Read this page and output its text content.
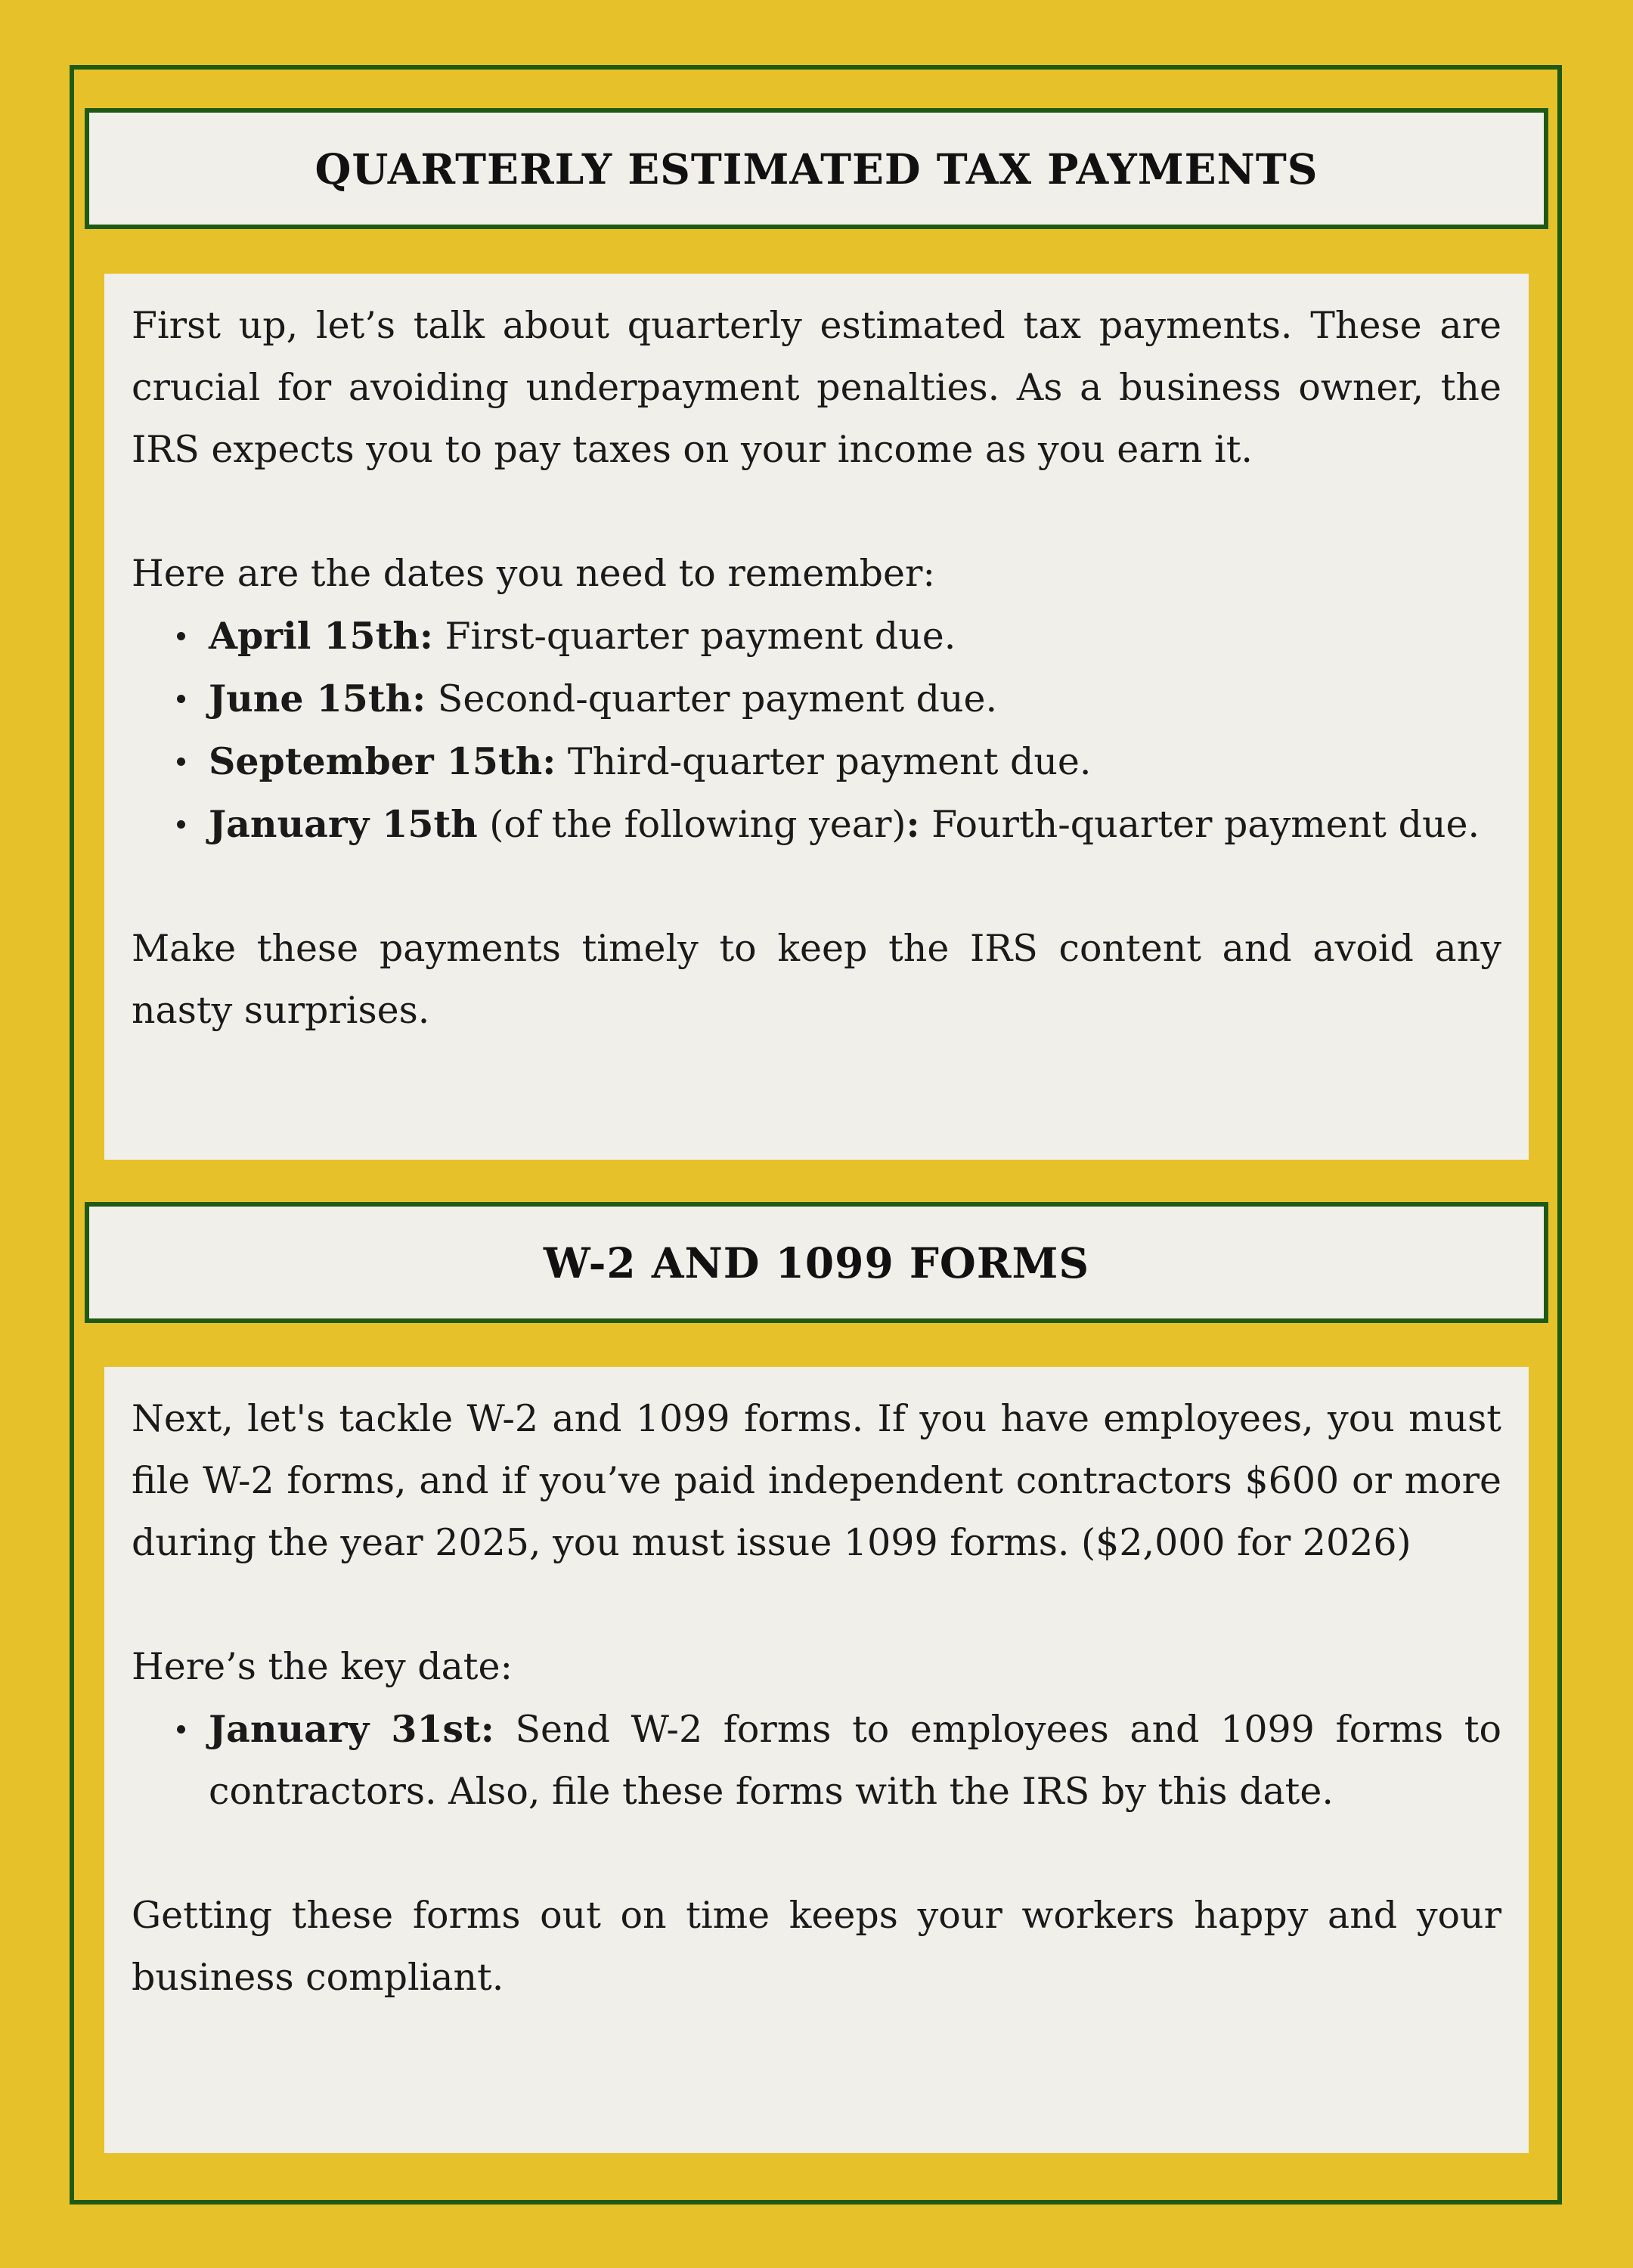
QUARTERLY ESTIMATED TAX PAYMENTS

First up, let’s talk about quarterly estimated tax payments. These are crucial for avoiding underpayment penalties. As a business owner, the IRS expects you to pay taxes on your income as you earn it.

Here are the dates you need to remember:

April 15th: First-quarter payment due.
June 15th: Second-quarter payment due.
September 15th: Third-quarter payment due.
January 15th (of the following year): Fourth-quarter payment due.

Make these payments timely to keep the IRS content and avoid any nasty surprises.

W-2 AND 1099 FORMS

Next, let's tackle W-2 and 1099 forms. If you have employees, you must file W-2 forms, and if you’ve paid independent contractors $600 or more during the year 2025, you must issue 1099 forms. ($2,000 for 2026)

Here’s the key date:

January 31st: Send W-2 forms to employees and 1099 forms to contractors. Also, file these forms with the IRS by this date.

Getting these forms out on time keeps your workers happy and your business compliant.
